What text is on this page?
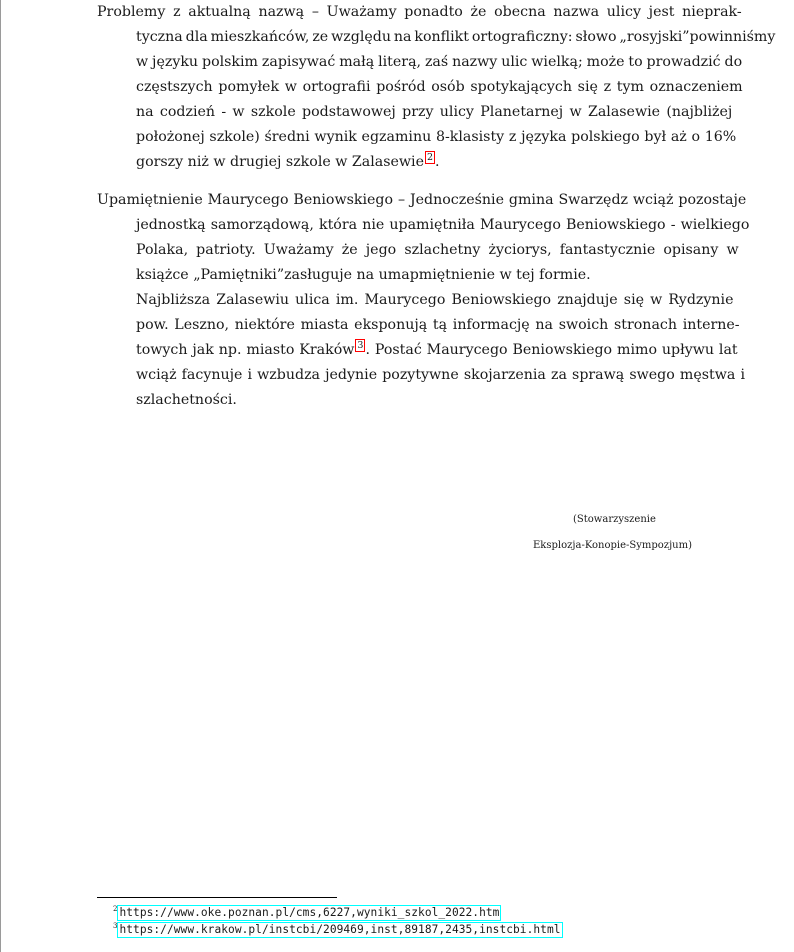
Problemy z aktualną nazwą – Uważamy ponadto że obecna nazwa ulicy jest nieprak-
tyczna dla mieszkańców, ze względu na konflikt ortograficzny: słowo „rosyjski”powinniśmy
w języku polskim zapisywać małą literą, zaś nazwy ulic wielką; może to prowadzić do
częstszych pomyłek w ortografii pośród osób spotykających się z tym oznaczeniem
na codzień - w szkole podstawowej przy ulicy Planetarnej w Zalasewie (najbliżej
położonej szkole) średni wynik egzaminu 8-klasisty z języka polskiego był aż o 16%
gorszy niż w drugiej szkole w Zalasewie 2 .
Upamiętnienie Maurycego Beniowskiego – Jednocześnie gmina Swarzędz wciąż pozostaje
jednostką samorządową, która nie upamiętniła Maurycego Beniowskiego - wielkiego
Polaka, patrioty. Uważamy że jego szlachetny życiorys, fantastycznie opisany w
książce „Pamiętniki”zasługuje na umapmiętnienie w tej formie.
Najbliższa Zalasewiu ulica im. Maurycego Beniowskiego znajduje się w Rydzynie
pow. Leszno, niektóre miasta eksponują tą informację na swoich stronach interne-
towych jak np. miasto Kraków 3 . Postać Maurycego Beniowskiego mimo upływu lat
wciąż facynuje i wzbudza jedynie pozytywne skojarzenia za sprawą swego męstwa i
szlachetności.
(Stowarzyszenie
Eksplozja-Konopie-Sympozjum)
$^2$ https://www.oke.poznan.pl/cms,6227,wyniki_szkol_2022.htm
$^3$ https://www.krakow.pl/instcbi/209469,inst,89187,2435,instcbi.html
